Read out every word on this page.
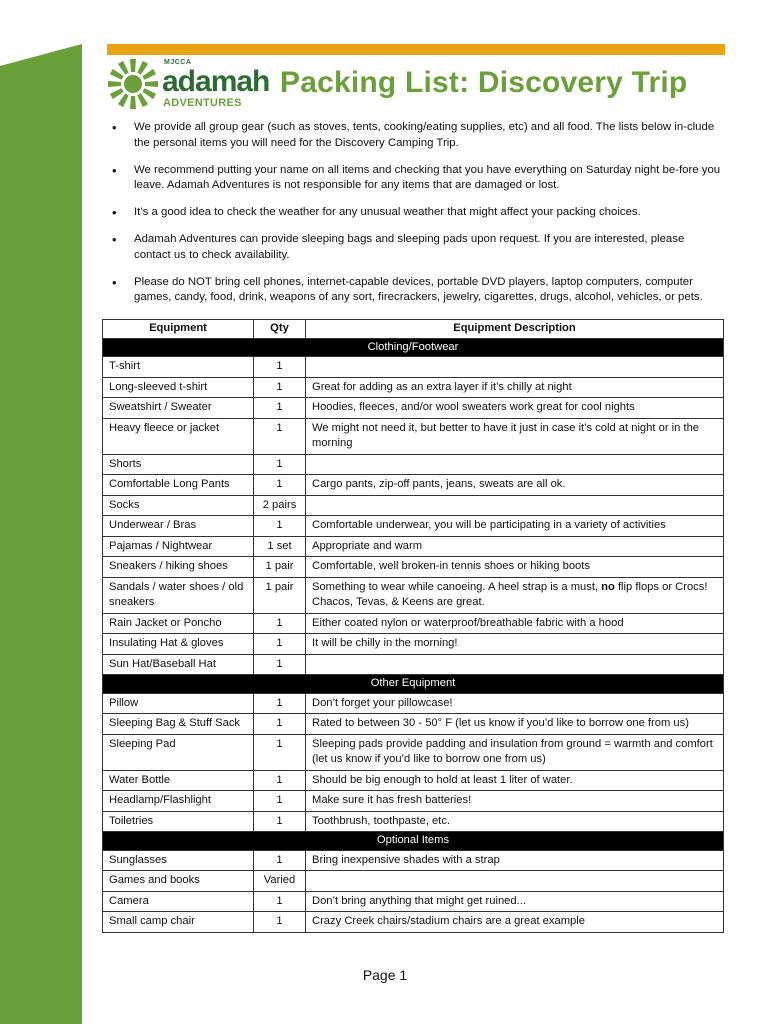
MJCCA
adamah
ADVENTURES
Packing List: Discovery Trip
• We provide all group gear (such as stoves, tents, cooking/eating supplies, etc) and all food. The lists below in-clude the personal items you will need for the Discovery Camping Trip.
• We recommend putting your name on all items and checking that you have everything on Saturday night be-fore you leave. Adamah Adventures is not responsible for any items that are damaged or lost.
• It’s a good idea to check the weather for any unusual weather that might affect your packing choices.
• Adamah Adventures can provide sleeping bags and sleeping pads upon request. If you are interested, please contact us to check availability.
• Please do NOT bring cell phones, internet-capable devices, portable DVD players, laptop computers, computer games, candy, food, drink, weapons of any sort, firecrackers, jewelry, cigarettes, drugs, alcohol, vehicles, or pets.
Equipment	Qty	Equipment Description
Clothing/Footwear		
T-shirt	1	
Long-sleeved t-shirt	1	Great for adding as an extra layer if it’s chilly at night
Sweatshirt / Sweater	1	Hoodies, fleeces, and/or wool sweaters work great for cool nights
Heavy fleece or jacket	1	We might not need it, but better to have it just in case it’s cold at night or in the morning
Shorts	1	
Comfortable Long Pants	1	Cargo pants, zip-off pants, jeans, sweats are all ok.
Socks	2 pairs	
Underwear / Bras	1	Comfortable underwear, you will be participating in a variety of activities
Pajamas / Nightwear	1 set	Appropriate and warm
Sneakers / hiking shoes	1 pair	Comfortable, well broken-in tennis shoes or hiking boots
Sandals / water shoes / old sneakers	1 pair	Something to wear while canoeing. A heel strap is a must, no flip flops or Crocs! Chacos, Tevas, & Keens are great.
Rain Jacket or Poncho	1	Either coated nylon or waterproof/breathable fabric with a hood
Insulating Hat & gloves	1	It will be chilly in the morning!
Sun Hat/Baseball Hat	1	
Other Equipment		
Pillow	1	Don’t forget your pillowcase!
Sleeping Bag & Stuff Sack	1	Rated to between 30 - 50° F (let us know if you’d like to borrow one from us)
Sleeping Pad	1	Sleeping pads provide padding and insulation from ground = warmth and comfort (let us know if you’d like to borrow one from us)
Water Bottle	1	Should be big enough to hold at least 1 liter of water.
Headlamp/Flashlight	1	Make sure it has fresh batteries!
Toiletries	1	Toothbrush, toothpaste, etc.
Optional Items		
Sunglasses	1	Bring inexpensive shades with a strap
Games and books	Varied	
Camera	1	Don’t bring anything that might get ruined...
Small camp chair	1	Crazy Creek chairs/stadium chairs are a great example
Page 1
